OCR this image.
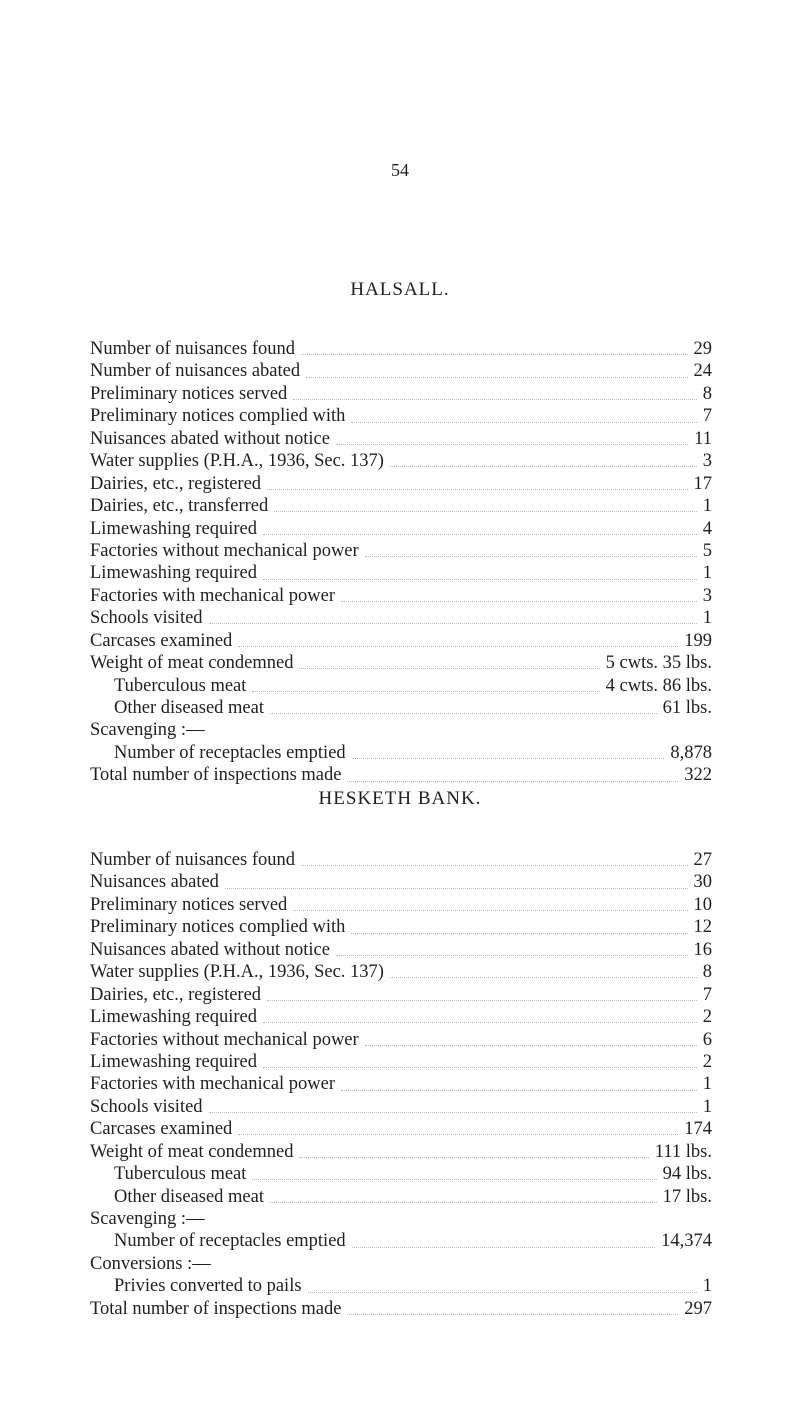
54
HALSALL.
Number of nuisances found	29
Number of nuisances abated	24
Preliminary notices served	8
Preliminary notices complied with	7
Nuisances abated without notice	11
Water supplies (P.H.A., 1936, Sec. 137)	3
Dairies, etc., registered	17
Dairies, etc., transferred	1
Limewashing required	4
Factories without mechanical power	5
Limewashing required	1
Factories with mechanical power	3
Schools visited	1
Carcases examined	199
Weight of meat condemned	5 cwts. 35 lbs.
Tuberculous meat	4 cwts. 86 lbs.
Other diseased meat	61 lbs.
Scavenging :—
Number of receptacles emptied	8,878
Total number of inspections made	322
HESKETH BANK.
Number of nuisances found	27
Nuisances abated	30
Preliminary notices served	10
Preliminary notices complied with	12
Nuisances abated without notice	16
Water supplies (P.H.A., 1936, Sec. 137)	8
Dairies, etc., registered	7
Limewashing required	2
Factories without mechanical power	6
Limewashing required	2
Factories with mechanical power	1
Schools visited	1
Carcases examined	174
Weight of meat condemned	111 lbs.
Tuberculous meat	94 lbs.
Other diseased meat	17 lbs.
Scavenging :—
Number of receptacles emptied	14,374
Conversions :—
Privies converted to pails	1
Total number of inspections made	297
